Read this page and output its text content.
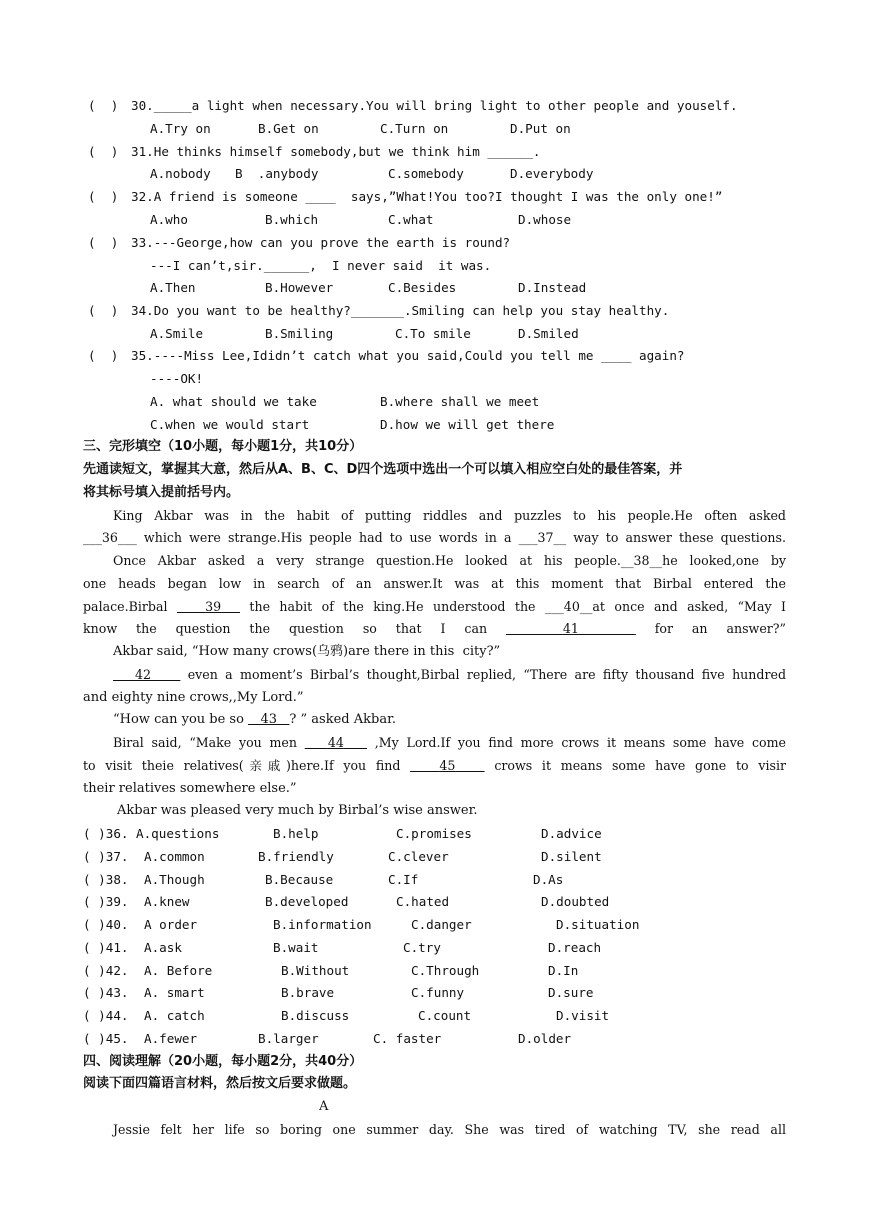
(  ) 30._____a light when necessary.You will bring light to other people and youself.
A.Try on	B.Get on	C.Turn on	D.Put on
(  ) 31.He thinks himself somebody,but we think him ______.
A.nobody B  .anybody	C.somebody	D.everybody
(  ) 32.A friend is someone ____  says,”What!You too?I thought I was the only one!”
A.who	B.which	C.what	D.whose
(  ) 33.---George,how can you prove the earth is round?
---I can’t,sir.______,  I never said  it was.
A.Then	B.However	C.Besides	D.Instead
(  ) 34.Do you want to be healthy?_______.Smiling can help you stay healthy.
A.Smile	B.Smiling	C.To smile	D.Smiled
(  ) 35.----Miss Lee,Ididn’t catch what you said,Could you tell me ____ again?
----OK!
A. what should we take	B.where shall we meet
C.when we would start	D.how we will get there
三、完形填空（10小题，每小题1分，共10分）
先通读短文，掌握其大意，然后从A、B、C、D四个选项中选出一个可以填入相应空白处的最佳答案，并
将其标号填入提前括号内。
King Akbar was in the habit of putting riddles and puzzles to his people.He often asked
___36___ which were strange.His people had to use words in a ___37__ way to answer these questions.
Once Akbar asked a very strange question.He looked at his people.__38__he looked,one by
one heads began low in search of an answer.It was at this moment that Birbal entered the
palace.Birbal	39 the habit of the king.He understood the ___40__at once and asked, “May I
know the question the question so that I can	41	for an answer?”
Akbar said, “How many crows(乌鸦)are there in this  city?”
42	even a moment’s Birbal’s thought,Birbal replied, “There are fifty thousand five hundred
and eighty nine crows,,My Lord.”
“How can you be so    43 ? ” asked Akbar.
Biral said, “Make you men    44 ,My Lord.If you find more crows it means some have come
to visit theie relatives(亲戚)here.If you find    45	crows it means some have gone to visir
their relatives somewhere else.”
Akbar was pleased very much by Birbal’s wise answer.
( )36. A.questions	B.help	C.promises	D.advice
( )37. A.common	B.friendly	C.clever	D.silent
( )38. A.Though	B.Because	C.If	D.As
( )39. A.knew	B.developed	C.hated	D.doubted
( )40. A order	B.information	C.danger	D.situation
( )41. A.ask	B.wait	C.try	D.reach
( )42. A. Before	B.Without	C.Through	D.In
( )43. A. smart	B.brave	C.funny	D.sure
( )44. A. catch	B.discuss	C.count	D.visit
( )45. A.fewer	B.larger	C. faster	D.older
四、阅读理解（20小题，每小题2分，共40分）
阅读下面四篇语言材料，然后按文后要求做题。
A
Jessie felt her life so boring one summer day. She was tired of watching TV, she read all
